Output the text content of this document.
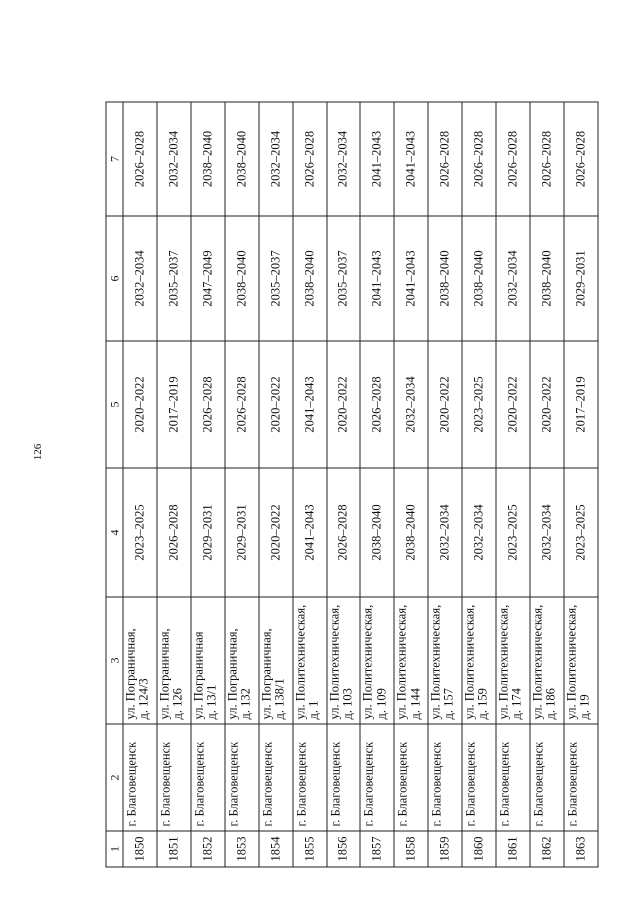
126
1	2	3	4	5	6	7
1850	г. Благовещенск	ул. Пограничная, д. 124/3	2023–2025	2020–2022	2032–2034	2026–2028
1851	г. Благовещенск	ул. Пограничная, д. 126	2026–2028	2017–2019	2035–2037	2032–2034
1852	г. Благовещенск	ул. Пограничная д. 13/1	2029–2031	2026–2028	2047–2049	2038–2040
1853	г. Благовещенск	ул. Пограничная, д. 132	2029–2031	2026–2028	2038–2040	2038–2040
1854	г. Благовещенск	ул. Пограничная, д. 138/1	2020–2022	2020–2022	2035–2037	2032–2034
1855	г. Благовещенск	ул. Политехническая, д. 1	2041–2043	2041–2043	2038–2040	2026–2028
1856	г. Благовещенск	ул. Политехническая, д. 103	2026–2028	2020–2022	2035–2037	2032–2034
1857	г. Благовещенск	ул. Политехническая, д. 109	2038–2040	2026–2028	2041–2043	2041–2043
1858	г. Благовещенск	ул. Политехническая, д. 144	2038–2040	2032–2034	2041–2043	2041–2043
1859	г. Благовещенск	ул. Политехническая, д. 157	2032–2034	2020–2022	2038–2040	2026–2028
1860	г. Благовещенск	ул. Политехническая, д. 159	2032–2034	2023–2025	2038–2040	2026–2028
1861	г. Благовещенск	ул. Политехническая, д. 174	2023–2025	2020–2022	2032–2034	2026–2028
1862	г. Благовещенск	ул. Политехническая, д. 186	2032–2034	2020–2022	2038–2040	2026–2028
1863	г. Благовещенск	ул. Политехническая, д. 19	2023–2025	2017–2019	2029–2031	2026–2028
